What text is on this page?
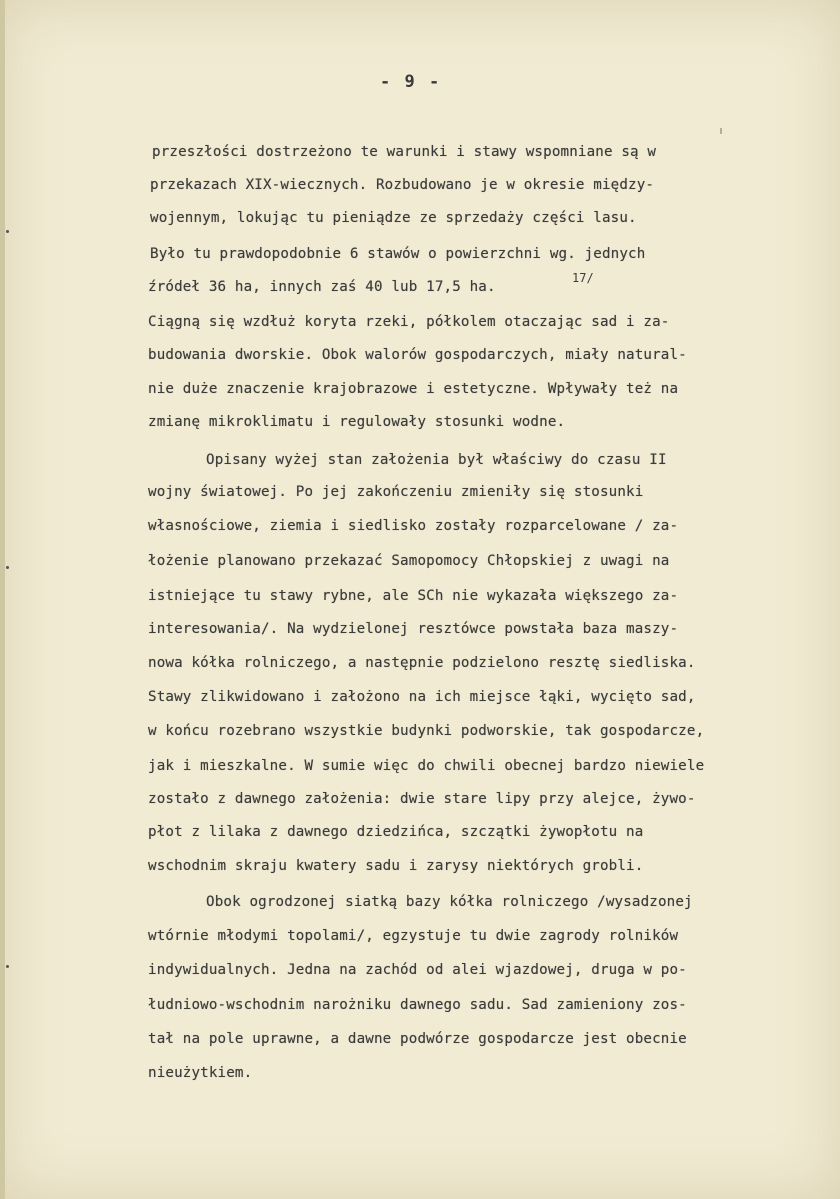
- 9 -
przeszłości dostrzeżono te warunki i stawy wspomniane są w
przekazach XIX-wiecznych. Rozbudowano je w okresie między-
wojennym, lokując tu pieniądze ze sprzedaży części lasu.
Było tu prawdopodobnie 6 stawów o powierzchni wg. jednych
źródeł 36 ha, innych zaś 40 lub 17,5 ha.
17/
Ciągną się wzdłuż koryta rzeki, półkolem otaczając sad i za-
budowania dworskie. Obok walorów gospodarczych, miały natural-
nie duże znaczenie krajobrazowe i estetyczne. Wpływały też na
zmianę mikroklimatu i regulowały stosunki wodne.
Opisany wyżej stan założenia był właściwy do czasu II
wojny światowej. Po jej zakończeniu zmieniły się stosunki
własnościowe, ziemia i siedlisko zostały rozparcelowane / za-
łożenie planowano przekazać Samopomocy Chłopskiej z uwagi na
istniejące tu stawy rybne, ale SCh nie wykazała większego za-
interesowania/. Na wydzielonej resztówce powstała baza maszy-
nowa kółka rolniczego, a następnie podzielono resztę siedliska.
Stawy zlikwidowano i założono na ich miejsce łąki, wycięto sad,
w końcu rozebrano wszystkie budynki podworskie, tak gospodarcze,
jak i mieszkalne. W sumie więc do chwili obecnej bardzo niewiele
zostało z dawnego założenia: dwie stare lipy przy alejce, żywo-
płot z lilaka z dawnego dziedzińca, szczątki żywopłotu na
wschodnim skraju kwatery sadu i zarysy niektórych grobli.
Obok ogrodzonej siatką bazy kółka rolniczego /wysadzonej
wtórnie młodymi topolami/, egzystuje tu dwie zagrody rolników
indywidualnych. Jedna na zachód od alei wjazdowej, druga w po-
łudniowo-wschodnim narożniku dawnego sadu. Sad zamieniony zos-
tał na pole uprawne, a dawne podwórze gospodarcze jest obecnie
nieużytkiem.
